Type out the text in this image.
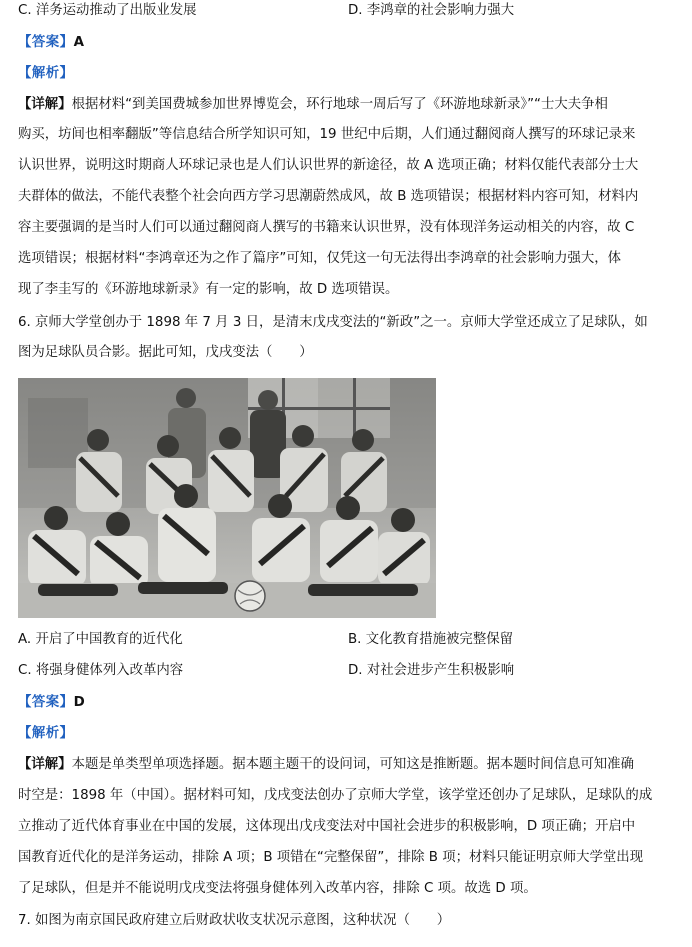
C. 洋务运动推动了出版业发展	D. 李鸿章的社会影响力强大
【答案】A
【解析】
【详解】根据材料“到美国费城参加世界博览会，环行地球一周后写了《环游地球新录》”“士大夫争相
购买，坊间也相率翻版”等信息结合所学知识可知，19 世纪中后期，人们通过翻阅商人撰写的环球记录来
认识世界，说明这时期商人环球记录也是人们认识世界的新途径，故 A 选项正确；材料仅能代表部分士大
夫群体的做法，不能代表整个社会向西方学习思潮蔚然成风，故 B 选项错误；根据材料内容可知，材料内
容主要强调的是当时人们可以通过翻阅商人撰写的书籍来认识世界，没有体现洋务运动相关的内容，故 C
选项错误；根据材料“李鸿章还为之作了篇序”可知，仅凭这一句无法得出李鸿章的社会影响力强大，体
现了李圭写的《环游地球新录》有一定的影响，故 D 选项错误。
6. 京师大学堂创办于 1898 年 7 月 3 日，是清末戊戌变法的“新政”之一。京师大学堂还成立了足球队，如
图为足球队员合影。据此可知，戊戌变法（　　）
A. 开启了中国教育的近代化	B. 文化教育措施被完整保留
C. 将强身健体列入改革内容	D. 对社会进步产生积极影响
【答案】D
【解析】
【详解】本题是单类型单项选择题。据本题主题干的设问词，可知这是推断题。据本题时间信息可知准确
时空是：1898 年（中国）。据材料可知，戊戌变法创办了京师大学堂，该学堂还创办了足球队，足球队的成
立推动了近代体育事业在中国的发展，这体现出戊戌变法对中国社会进步的积极影响，D 项正确；开启中
国教育近代化的是洋务运动，排除 A 项；B 项错在“完整保留”，排除 B 项；材料只能证明京师大学堂出现
了足球队，但是并不能说明戊戌变法将强身健体列入改革内容，排除 C 项。故选 D 项。
7. 如图为南京国民政府建立后财政状收支状况示意图，这种状况（　　）
